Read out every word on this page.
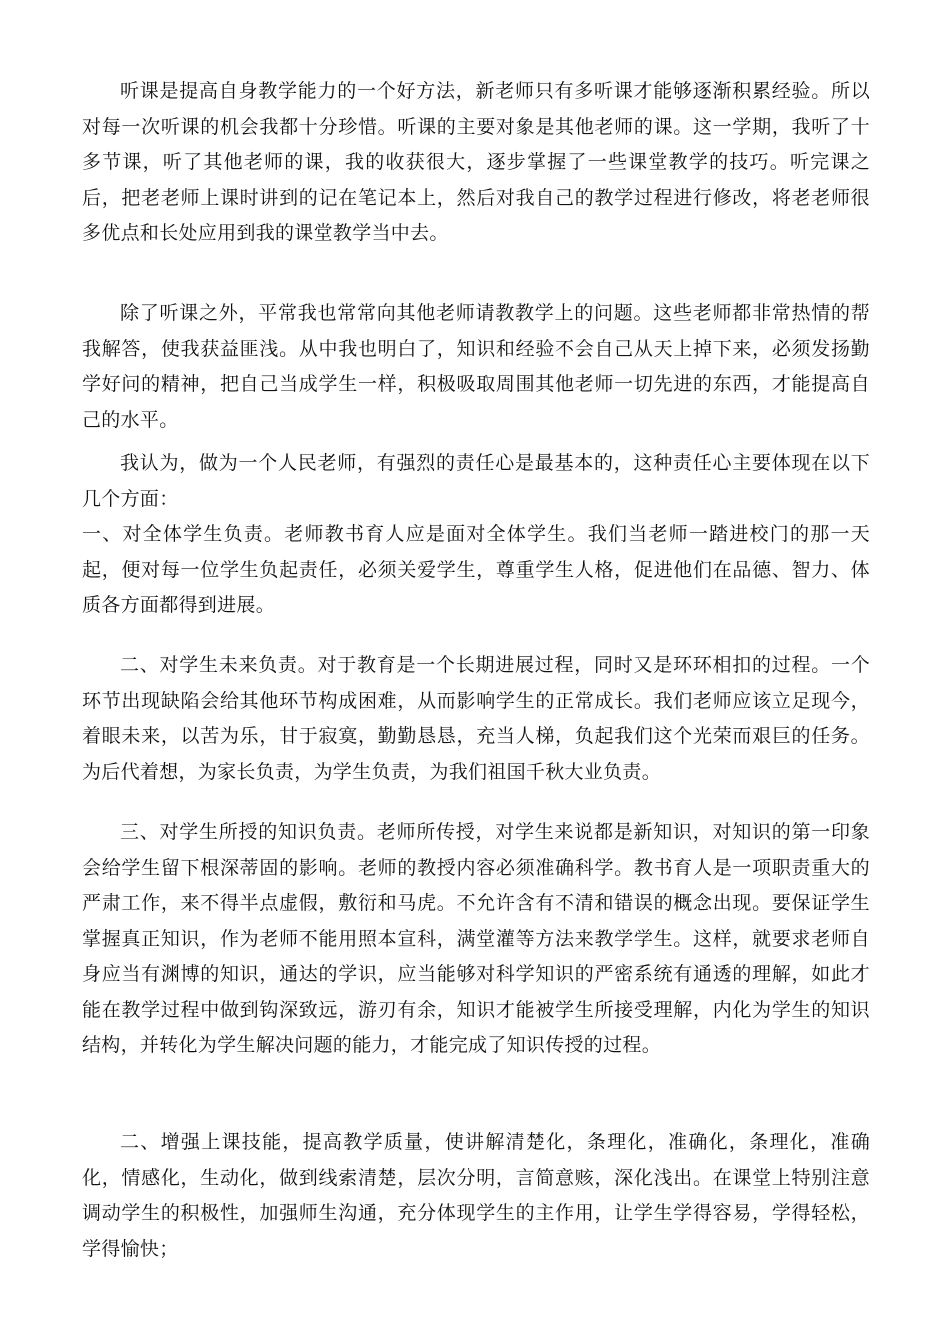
听课是提高自身教学能力的一个好方法，新老师只有多听课才能够逐渐积累经验。所以对每一次听课的机会我都十分珍惜。听课的主要对象是其他老师的课。这一学期，我听了十多节课，听了其他老师的课，我的收获很大，逐步掌握了一些课堂教学的技巧。听完课之后，把老老师上课时讲到的记在笔记本上，然后对我自己的教学过程进行修改，将老老师很多优点和长处应用到我的课堂教学当中去。

除了听课之外，平常我也常常向其他老师请教教学上的问题。这些老师都非常热情的帮我解答，使我获益匪浅。从中我也明白了，知识和经验不会自己从天上掉下来，必须发扬勤学好问的精神，把自己当成学生一样，积极吸取周围其他老师一切先进的东西，才能提高自己的水平。

我认为，做为一个人民老师，有强烈的责任心是最基本的，这种责任心主要体现在以下几个方面：

一、对全体学生负责。老师教书育人应是面对全体学生。我们当老师一踏进校门的那一天起，便对每一位学生负起责任，必须关爱学生，尊重学生人格，促进他们在品德、智力、体质各方面都得到进展。

二、对学生未来负责。对于教育是一个长期进展过程，同时又是环环相扣的过程。一个环节出现缺陷会给其他环节构成困难，从而影响学生的正常成长。我们老师应该立足现今，着眼未来，以苦为乐，甘于寂寞，勤勤恳恳，充当人梯，负起我们这个光荣而艰巨的任务。为后代着想，为家长负责，为学生负责，为我们祖国千秋大业负责。

三、对学生所授的知识负责。老师所传授，对学生来说都是新知识，对知识的第一印象会给学生留下根深蒂固的影响。老师的教授内容必须准确科学。教书育人是一项职责重大的严肃工作，来不得半点虚假，敷衍和马虎。不允许含有不清和错误的概念出现。要保证学生掌握真正知识，作为老师不能用照本宣科，满堂灌等方法来教学学生。这样，就要求老师自身应当有渊博的知识，通达的学识，应当能够对科学知识的严密系统有通透的理解，如此才能在教学过程中做到钩深致远，游刃有余，知识才能被学生所接受理解，内化为学生的知识结构，并转化为学生解决问题的能力，才能完成了知识传授的过程。

二、增强上课技能，提高教学质量，使讲解清楚化，条理化，准确化，条理化，准确化，情感化，生动化，做到线索清楚，层次分明，言简意赅，深化浅出。在课堂上特别注意调动学生的积极性，加强师生沟通，充分体现学生的主作用，让学生学得容易，学得轻松，学得愉快；
